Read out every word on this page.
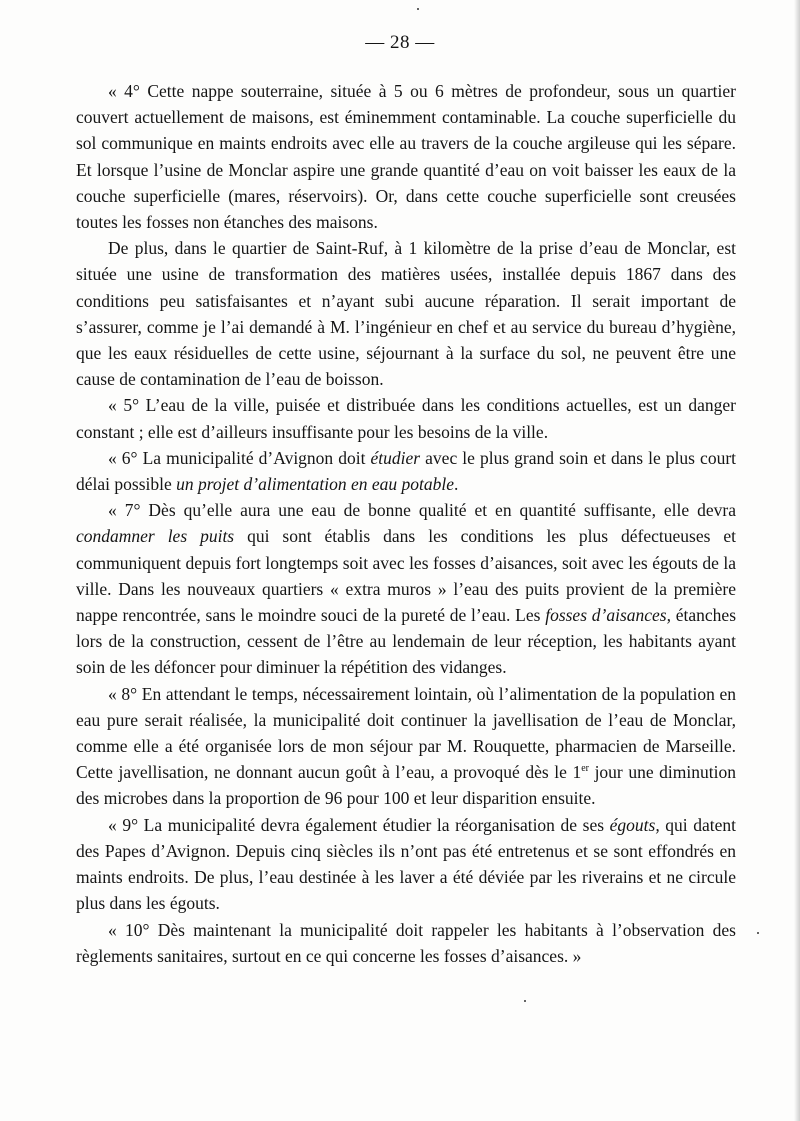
— 28 —

« 4° Cette nappe souterraine, située à 5 ou 6 mètres de profondeur, sous un quartier couvert actuellement de maisons, est éminemment contaminable. La couche superficielle du sol communique en maints endroits avec elle au travers de la couche argileuse qui les sépare. Et lorsque l’usine de Monclar aspire une grande quantité d’eau on voit baisser les eaux de la couche superficielle (mares, réservoirs). Or, dans cette couche superficielle sont creusées toutes les fosses non étanches des maisons.

De plus, dans le quartier de Saint-Ruf, à 1 kilomètre de la prise d’eau de Monclar, est située une usine de transformation des matières usées, installée depuis 1867 dans des conditions peu satisfaisantes et n’ayant subi aucune réparation. Il serait important de s’assurer, comme je l’ai demandé à M. l’ingénieur en chef et au service du bureau d’hygiène, que les eaux résiduelles de cette usine, séjournant à la surface du sol, ne peuvent être une cause de contamination de l’eau de boisson.

« 5° L’eau de la ville, puisée et distribuée dans les conditions actuelles, est un danger constant ; elle est d’ailleurs insuffisante pour les besoins de la ville.

« 6° La municipalité d’Avignon doit étudier avec le plus grand soin et dans le plus court délai possible un projet d’alimentation en eau potable.

« 7° Dès qu’elle aura une eau de bonne qualité et en quantité suffisante, elle devra condamner les puits qui sont établis dans les conditions les plus défectueuses et communiquent depuis fort longtemps soit avec les fosses d’aisances, soit avec les égouts de la ville. Dans les nouveaux quartiers « extra muros » l’eau des puits provient de la première nappe rencontrée, sans le moindre souci de la pureté de l’eau. Les fosses d’aisances, étanches lors de la construction, cessent de l’être au lendemain de leur réception, les habitants ayant soin de les défoncer pour diminuer la répétition des vidanges.

« 8° En attendant le temps, nécessairement lointain, où l’alimentation de la population en eau pure serait réalisée, la municipalité doit continuer la javellisation de l’eau de Monclar, comme elle a été organisée lors de mon séjour par M. Rouquette, pharmacien de Marseille. Cette javellisation, ne donnant aucun goût à l’eau, a provoqué dès le 1er jour une diminution des microbes dans la proportion de 96 pour 100 et leur disparition ensuite.

« 9° La municipalité devra également étudier la réorganisation de ses égouts, qui datent des Papes d’Avignon. Depuis cinq siècles ils n’ont pas été entretenus et se sont effondrés en maints endroits. De plus, l’eau destinée à les laver a été déviée par les riverains et ne circule plus dans les égouts.

« 10° Dès maintenant la municipalité doit rappeler les habitants à l’observation des règlements sanitaires, surtout en ce qui concerne les fosses d’aisances. »
